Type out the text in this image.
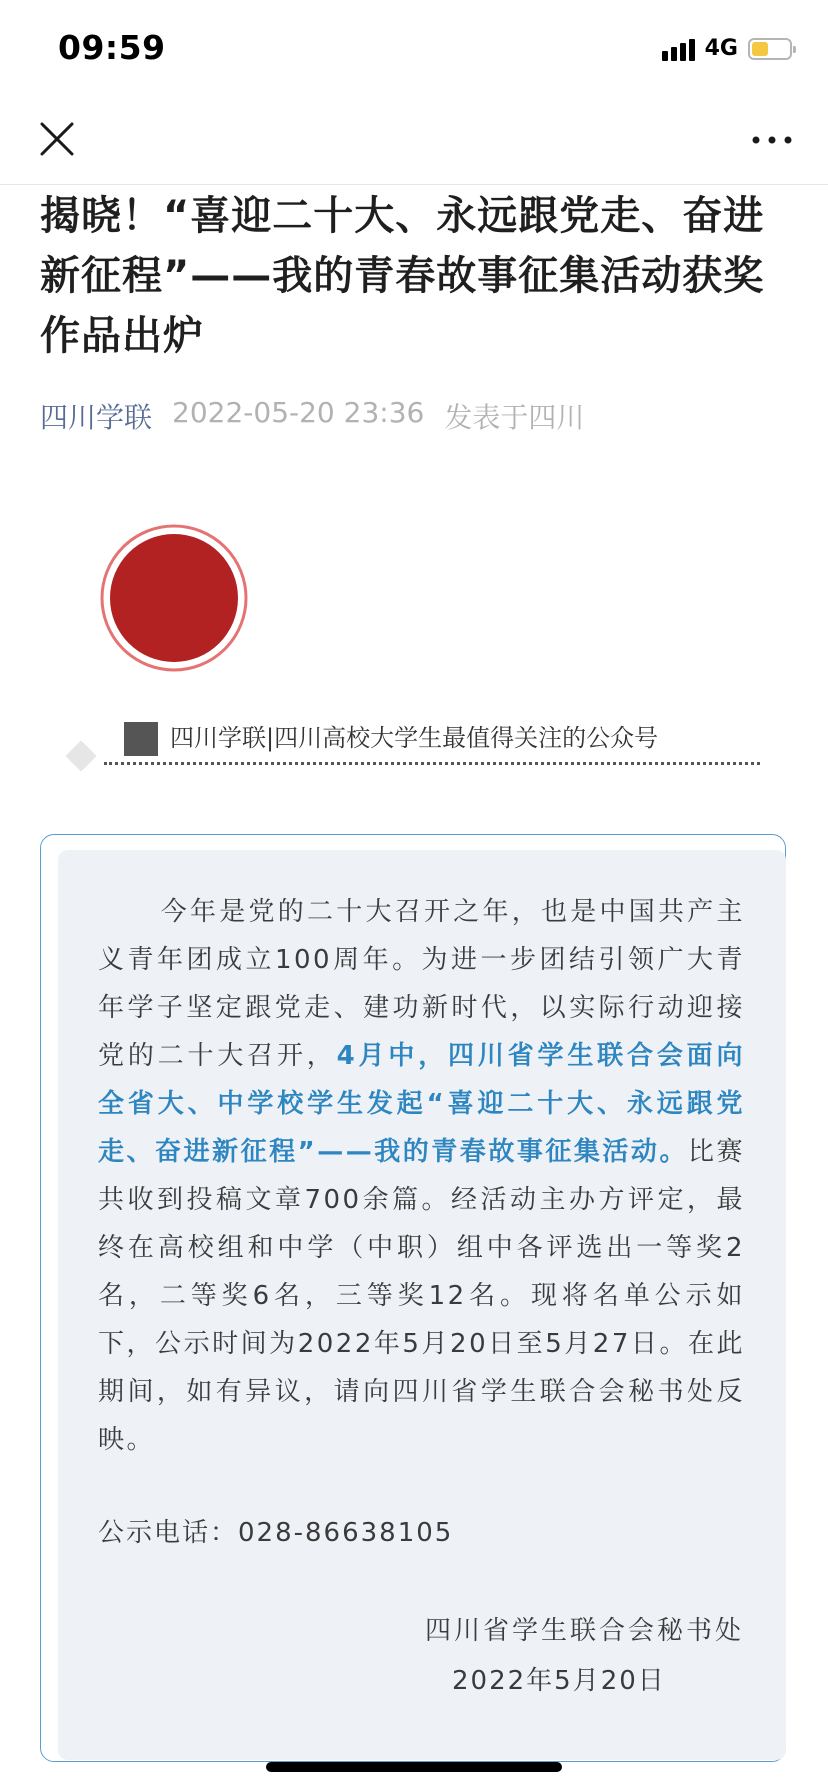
09:59	4G
揭晓！“喜迎二十大、永远跟党走、奋进新征程”——我的青春故事征集活动获奖作品出炉
四川学联 2022-05-20 23:36 发表于四川
四川学联|四川高校大学生最值得关注的公众号
今年是党的二十大召开之年，也是中国共产主义青年团成立100周年。为进一步团结引领广大青年学子坚定跟党走、建功新时代，以实际行动迎接党的二十大召开，4月中，四川省学生联合会面向全省大、中学校学生发起“喜迎二十大、永远跟党走、奋进新征程”——我的青春故事征集活动。比赛共收到投稿文章700余篇。经活动主办方评定，最终在高校组和中学（中职）组中各评选出一等奖2名，二等奖6名，三等奖12名。现将名单公示如下，公示时间为2022年5月20日至5月27日。在此期间，如有异议，请向四川省学生联合会秘书处反映。
公示电话：028-86638105
四川省学生联合会秘书处
2022年5月20日
